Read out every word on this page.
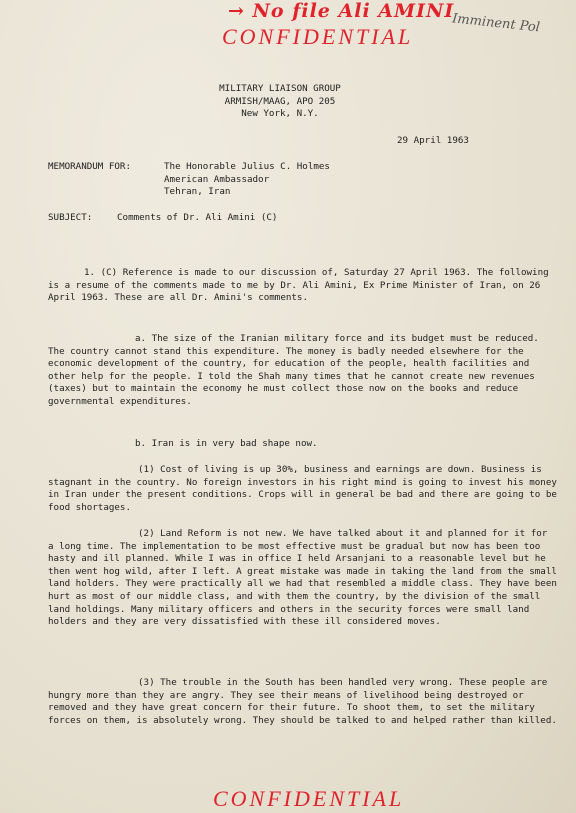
→ No file Ali AMINI
CONFIDENTIAL
Imminent Pol
MILITARY LIAISON GROUP
ARMISH/MAAG, APO 205
New York, N.Y.
29 April 1963
MEMORANDUM FOR:	The Honorable Julius C. Holmes
American Ambassador
Tehran, Iran
SUBJECT:	Comments of Dr. Ali Amini (C)

1. (C) Reference is made to our discussion of, Saturday 27 April 1963. The following is a resume of the comments made to me by Dr. Ali Amini, Ex Prime Minister of Iran, on 26 April 1963. These are all Dr. Amini's comments.

a. The size of the Iranian military force and its budget must be reduced. The country cannot stand this expenditure. The money is badly needed elsewhere for the economic development of the country, for education of the people, health facilities and other help for the people. I told the Shah many times that he cannot create new revenues (taxes) but to maintain the economy he must collect those now on the books and reduce governmental expenditures.

b. Iran is in very bad shape now.

(1) Cost of living is up 30%, business and earnings are down. Business is stagnant in the country. No foreign investors in his right mind is going to invest his money in Iran under the present conditions. Crops will in general be bad and there are going to be food shortages.

(2) Land Reform is not new. We have talked about it and planned for it for a long time. The implementation to be most effective must be gradual but now has been too hasty and ill planned. While I was in office I held Arsanjani to a reasonable level but he then went hog wild, after I left. A great mistake was made in taking the land from the small land holders. They were practically all we had that resembled a middle class. They have been hurt as most of our middle class, and with them the country, by the division of the small land holdings. Many military officers and others in the security forces were small land holders and they are very dissatisfied with these ill considered moves.

(3) The trouble in the South has been handled very wrong. These people are hungry more than they are angry. They see their means of livelihood being destroyed or removed and they have great concern for their future. To shoot them, to set the military forces on them, is absolutely wrong. They should be talked to and helped rather than killed.

CONFIDENTIAL
